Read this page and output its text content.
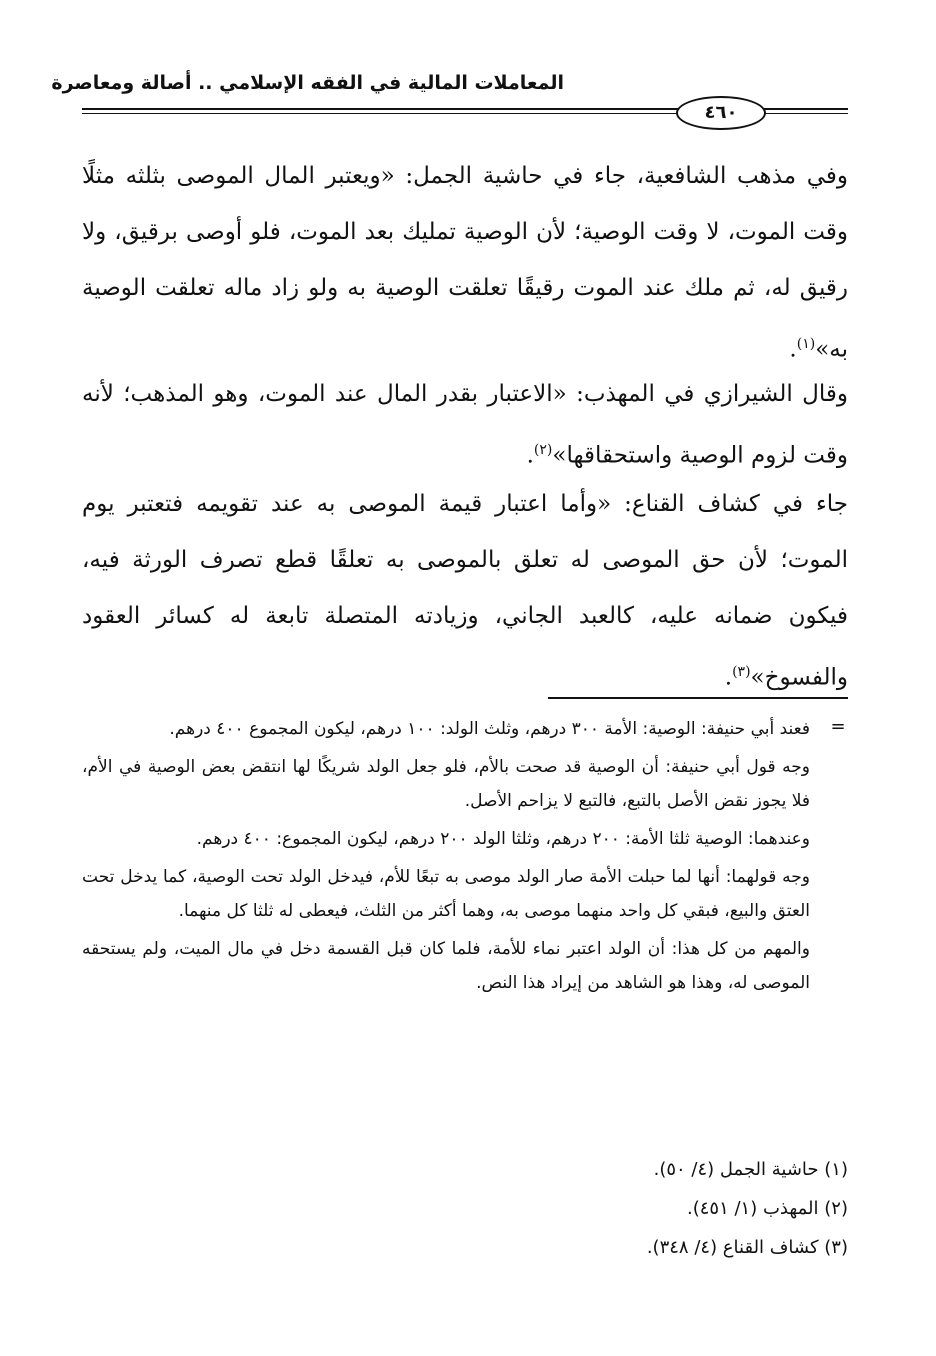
المعاملات المالية في الفقه الإسلامي .. أصالة ومعاصرة
٤٦٠

وفي مذهب الشافعية، جاء في حاشية الجمل: «ويعتبر المال الموصى بثلثه مثلًا وقت الموت، لا وقت الوصية؛ لأن الوصية تمليك بعد الموت، فلو أوصى برقيق، ولا رقيق له، ثم ملك عند الموت رقيقًا تعلقت الوصية به ولو زاد ماله تعلقت الوصية به»$^{(١)}$.

وقال الشيرازي في المهذب: «الاعتبار بقدر المال عند الموت، وهو المذهب؛ لأنه وقت لزوم الوصية واستحقاقها»$^{(٢)}$.

جاء في كشاف القناع: «وأما اعتبار قيمة الموصى به عند تقويمه فتعتبر يوم الموت؛ لأن حق الموصى له تعلق بالموصى به تعلقًا قطع تصرف الورثة فيه، فيكون ضمانه عليه، كالعبد الجاني، وزيادته المتصلة تابعة له كسائر العقود والفسوخ»$^{(٣)}$.

=

فعند أبي حنيفة: الوصية: الأمة ٣٠٠ درهم، وثلث الولد: ١٠٠ درهم، ليكون المجموع ٤٠٠ درهم.

وجه قول أبي حنيفة: أن الوصية قد صحت بالأم، فلو جعل الولد شريكًا لها انتقض بعض الوصية في الأم، فلا يجوز نقض الأصل بالتبع، فالتبع لا يزاحم الأصل.

وعندهما: الوصية ثلثا الأمة: ٢٠٠ درهم، وثلثا الولد ٢٠٠ درهم، ليكون المجموع: ٤٠٠ درهم.

وجه قولهما: أنها لما حبلت الأمة صار الولد موصى به تبعًا للأم، فيدخل الولد تحت الوصية، كما يدخل تحت العتق والبيع، فبقي كل واحد منهما موصى به، وهما أكثر من الثلث، فيعطى له ثلثا كل منهما.

والمهم من كل هذا: أن الولد اعتبر نماء للأمة، فلما كان قبل القسمة دخل في مال الميت، ولم يستحقه الموصى له، وهذا هو الشاهد من إيراد هذا النص.

(١) حاشية الجمل (٤/ ٥٠).
(٢) المهذب (١/ ٤٥١).
(٣) كشاف القناع (٤/ ٣٤٨).
